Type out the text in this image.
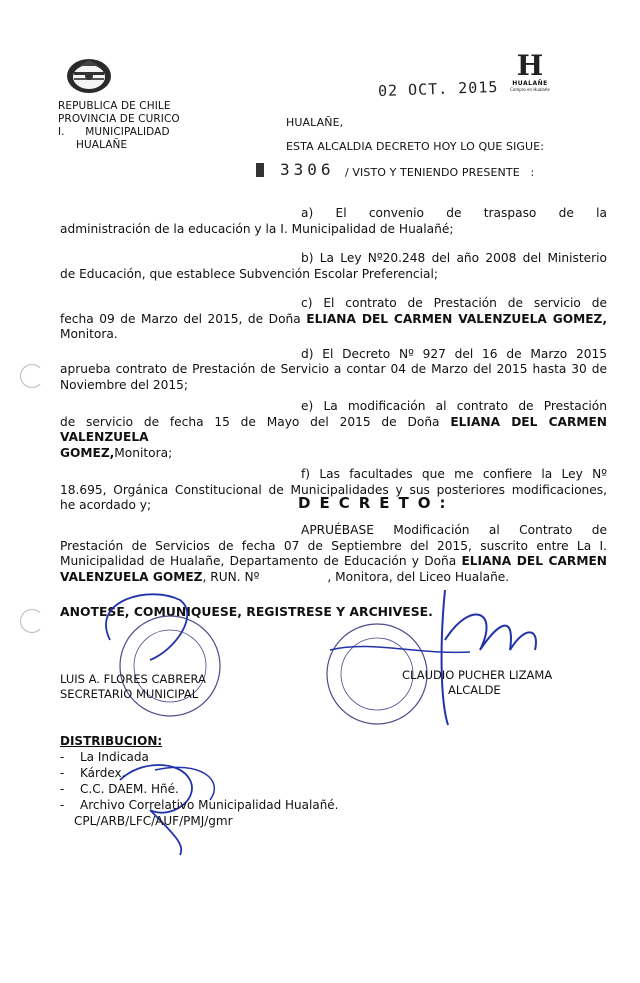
REPUBLICA DE CHILE
PROVINCIA DE CURICO
I.      MUNICIPALIDAD
HUALAÑE
H
HUALAÑE
Compro en Hualañe
02 OCT. 2015
HUALAÑE,
ESTA ALCALDIA DECRETO HOY LO QUE SIGUE:
3306 / VISTO Y TENIENDO PRESENTE   :
a) El convenio de traspaso de la
administración de la educación y la I. Municipalidad de Hualañé;
b) La Ley Nº20.248 del año 2008 del Ministerio
de Educación, que establece Subvención Escolar Preferencial;
c) El contrato de Prestación de servicio de
fecha 09 de Marzo del 2015, de Doña ELIANA DEL CARMEN VALENZUELA GOMEZ,
Monitora.
d) El Decreto Nº 927 del 16 de Marzo 2015
aprueba contrato de Prestación de Servicio a contar 04 de Marzo del 2015 hasta 30 de
Noviembre del 2015;
e) La modificación al contrato de Prestación
de servicio de fecha 15 de Mayo del 2015 de Doña ELIANA DEL CARMEN VALENZUELA
GOMEZ,Monitora;
f) Las facultades que me confiere la Ley Nº
18.695, Orgánica Constitucional de Municipalidades y sus posteriores modificaciones,
he acordado y;	DECRETO:
APRUÉBASE Modificación al Contrato de
Prestación de Servicios de fecha 07 de Septiembre del 2015, suscrito entre La I.
Municipalidad de Hualañe, Departamento de Educación y Doña ELIANA DEL CARMEN
VALENZUELA GOMEZ, RUN. Nº	, Monitora, del Liceo Hualañe.
ANOTESE, COMUNIQUESE, REGISTRESE Y ARCHIVESE.
LUIS A. FLORES CABRERA
SECRETARIO MUNICIPAL
CLAUDIO PUCHER LIZAMA
ALCALDE
DISTRIBUCION:
- La Indicada
- Kárdex.
- C.C. DAEM. Hñé.
- Archivo Correlativo Municipalidad Hualañé.
CPL/ARB/LFC/AUF/PMJ/gmr
